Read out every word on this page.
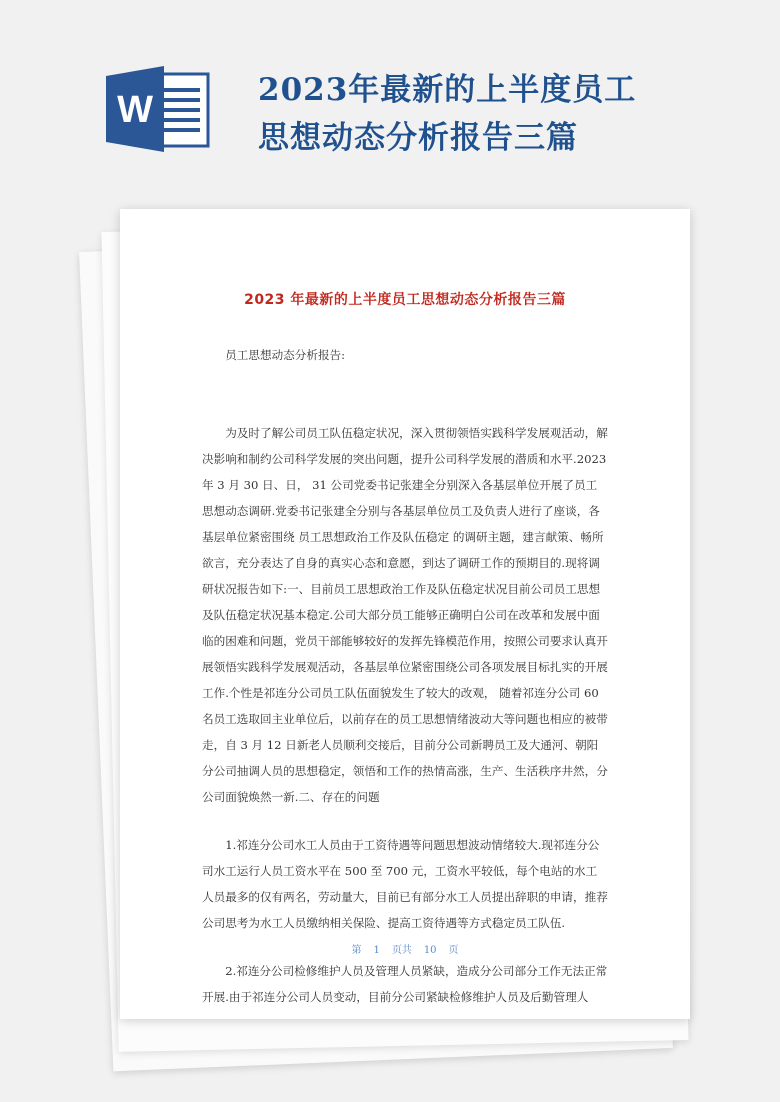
W	2023年最新的上半度员工
思想动态分析报告三篇
2023 年最新的上半度员工思想动态分析报告三篇

员工思想动态分析报告:

为及时了解公司员工队伍稳定状况，深入贯彻领悟实践科学发展观活动，解决影响和制约公司科学发展的突出问题，提升公司科学发展的潜质和水平.2023 年 3 月 30 日、日， 31 公司党委书记张建全分别深入各基层单位开展了员工思想动态调研.党委书记张建全分别与各基层单位员工及负责人进行了座谈，各基层单位紧密围绕 员工思想政治工作及队伍稳定 的调研主题，建言献策、畅所欲言，充分表达了自身的真实心态和意愿，到达了调研工作的预期目的.现将调研状况报告如下:一、目前员工思想政治工作及队伍稳定状况目前公司员工思想及队伍稳定状况基本稳定.公司大部分员工能够正确明白公司在改革和发展中面临的困难和问题，党员干部能够较好的发挥先锋模范作用，按照公司要求认真开展领悟实践科学发展观活动，各基层单位紧密围绕公司各项发展目标扎实的开展工作.个性是祁连分公司员工队伍面貌发生了较大的改观， 随着祁连分公司 60 名员工选取回主业单位后，以前存在的员工思想情绪波动大等问题也相应的被带走，自 3 月 12 日新老人员顺利交接后，目前分公司新聘员工及大通河、朝阳分公司抽调人员的思想稳定，领悟和工作的热情高涨，生产、生活秩序井然，分公司面貌焕然一新.二、存在的问题

1.祁连分公司水工人员由于工资待遇等问题思想波动情绪较大.现祁连分公司水工运行人员工资水平在 500 至 700 元，工资水平较低，每个电站的水工人员最多的仅有两名，劳动量大，目前已有部分水工人员提出辞职的申请，推荐公司思考为水工人员缴纳相关保险、提高工资待遇等方式稳定员工队伍.

2.祁连分公司检修维护人员及管理人员紧缺，造成分公司部分工作无法正常开展.由于祁连分公司人员变动，目前分公司紧缺检修维护人员及后勤管理人

第 1 页共 10 页
